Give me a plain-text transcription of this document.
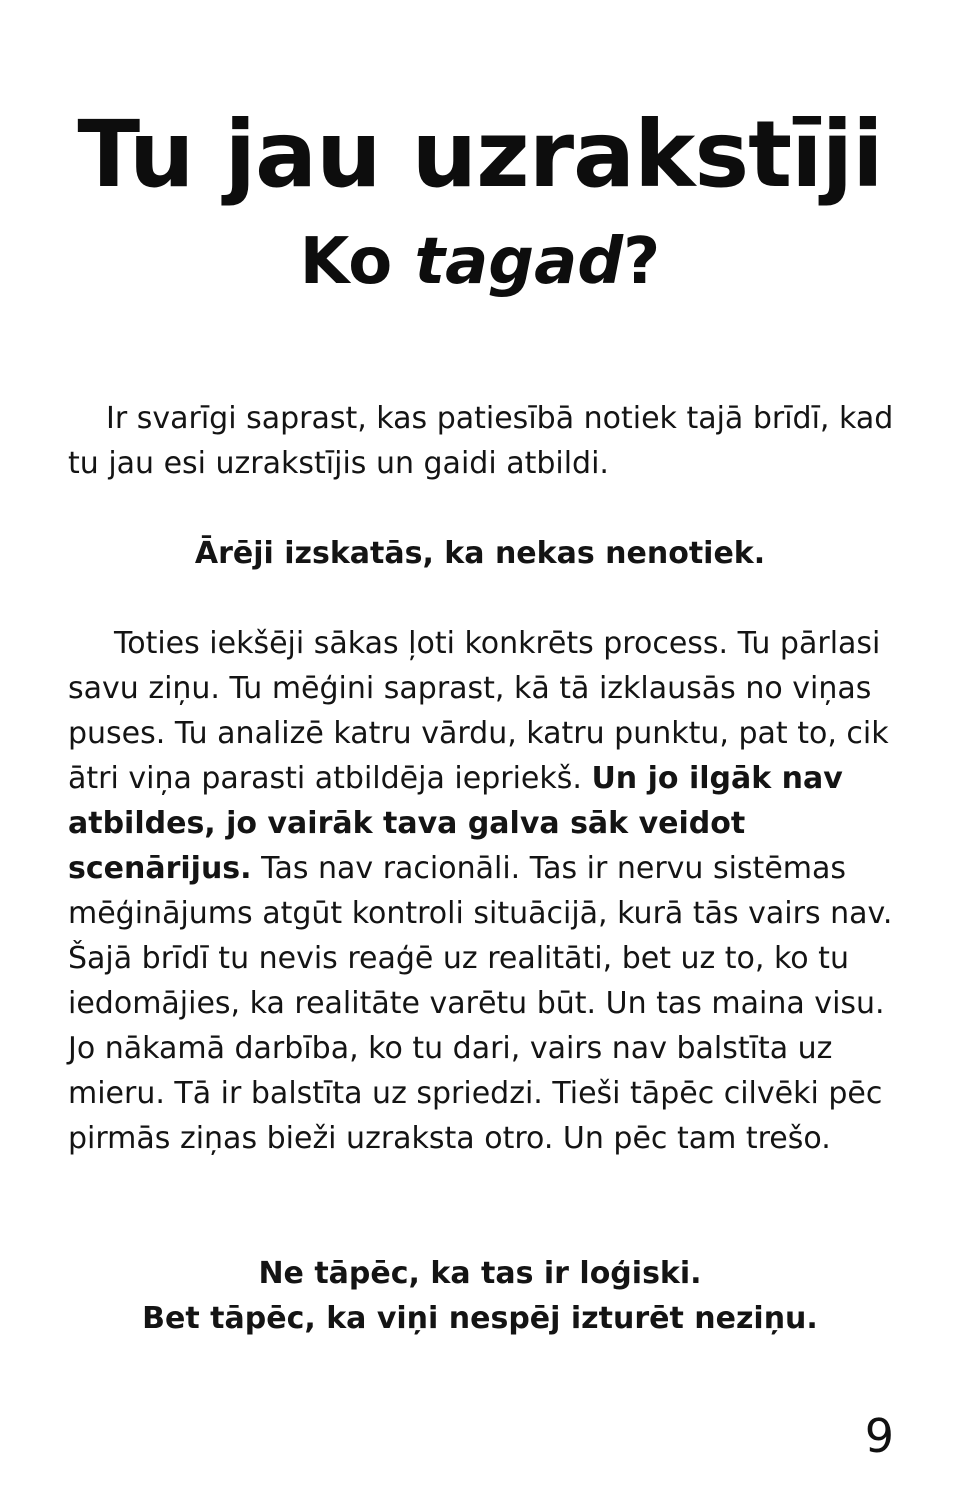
Tu jau uzrakstīji
Ko tagad?

Ir svarīgi saprast, kas patiesībā notiek tajā brīdī, kad tu jau esi uzrakstījis un gaidi atbildi.

Ārēji izskatās, ka nekas nenotiek.

Toties iekšēji sākas ļoti konkrēts process. Tu pārlasi savu ziņu. Tu mēģini saprast, kā tā izklausās no viņas puses. Tu analizē katru vārdu, katru punktu, pat to, cik ātri viņa parasti atbildēja iepriekš. Un jo ilgāk nav atbildes, jo vairāk tava galva sāk veidot scenārijus. Tas nav racionāli. Tas ir nervu sistēmas mēģinājums atgūt kontroli situācijā, kurā tās vairs nav. Šajā brīdī tu nevis reaģē uz realitāti, bet uz to, ko tu iedomājies, ka realitāte varētu būt. Un tas maina visu. Jo nākamā darbība, ko tu dari, vairs nav balstīta uz mieru. Tā ir balstīta uz spriedzi. Tieši tāpēc cilvēki pēc pirmās ziņas bieži uzraksta otro. Un pēc tam trešo.

Ne tāpēc, ka tas ir loģiski.

Bet tāpēc, ka viņi nespēj izturēt neziņu.

9
